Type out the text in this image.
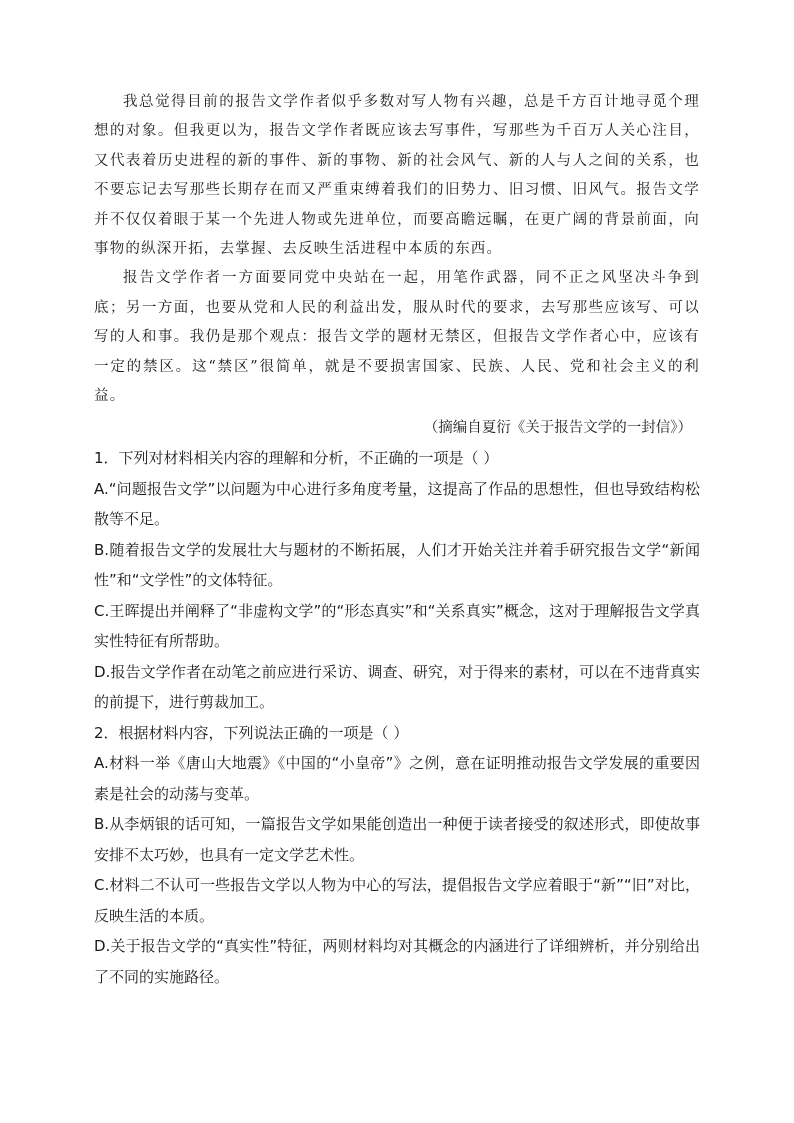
我总觉得目前的报告文学作者似乎多数对写人物有兴趣，总是千方百计地寻觅个理想的对象。但我更以为，报告文学作者既应该去写事件，写那些为千百万人关心注目，又代表着历史进程的新的事件、新的事物、新的社会风气、新的人与人之间的关系，也不要忘记去写那些长期存在而又严重束缚着我们的旧势力、旧习惯、旧风气。报告文学并不仅仅着眼于某一个先进人物或先进单位，而要高瞻远瞩，在更广阔的背景前面，向事物的纵深开拓，去掌握、去反映生活进程中本质的东西。

报告文学作者一方面要同党中央站在一起，用笔作武器，同不正之风坚决斗争到底；另一方面，也要从党和人民的利益出发，服从时代的要求，去写那些应该写、可以写的人和事。我仍是那个观点：报告文学的题材无禁区，但报告文学作者心中，应该有一定的禁区。这“禁区”很简单，就是不要损害国家、民族、人民、党和社会主义的利益。

（摘编自夏衍《关于报告文学的一封信》）

1．下列对材料相关内容的理解和分析，不正确的一项是（ ）

A.“问题报告文学”以问题为中心进行多角度考量，这提高了作品的思想性，但也导致结构松散等不足。

B.随着报告文学的发展壮大与题材的不断拓展，人们才开始关注并着手研究报告文学“新闻性”和“文学性”的文体特征。

C.王晖提出并阐释了“非虚构文学”的“形态真实”和“关系真实”概念，这对于理解报告文学真实性特征有所帮助。

D.报告文学作者在动笔之前应进行采访、调查、研究，对于得来的素材，可以在不违背真实的前提下，进行剪裁加工。

2．根据材料内容，下列说法正确的一项是（ ）

A.材料一举《唐山大地震》《中国的“小皇帝”》之例，意在证明推动报告文学发展的重要因素是社会的动荡与变革。

B.从李炳银的话可知，一篇报告文学如果能创造出一种便于读者接受的叙述形式，即使故事安排不太巧妙，也具有一定文学艺术性。

C.材料二不认可一些报告文学以人物为中心的写法，提倡报告文学应着眼于“新”“旧”对比，反映生活的本质。

D.关于报告文学的“真实性”特征，两则材料均对其概念的内涵进行了详细辨析，并分别给出了不同的实施路径。
